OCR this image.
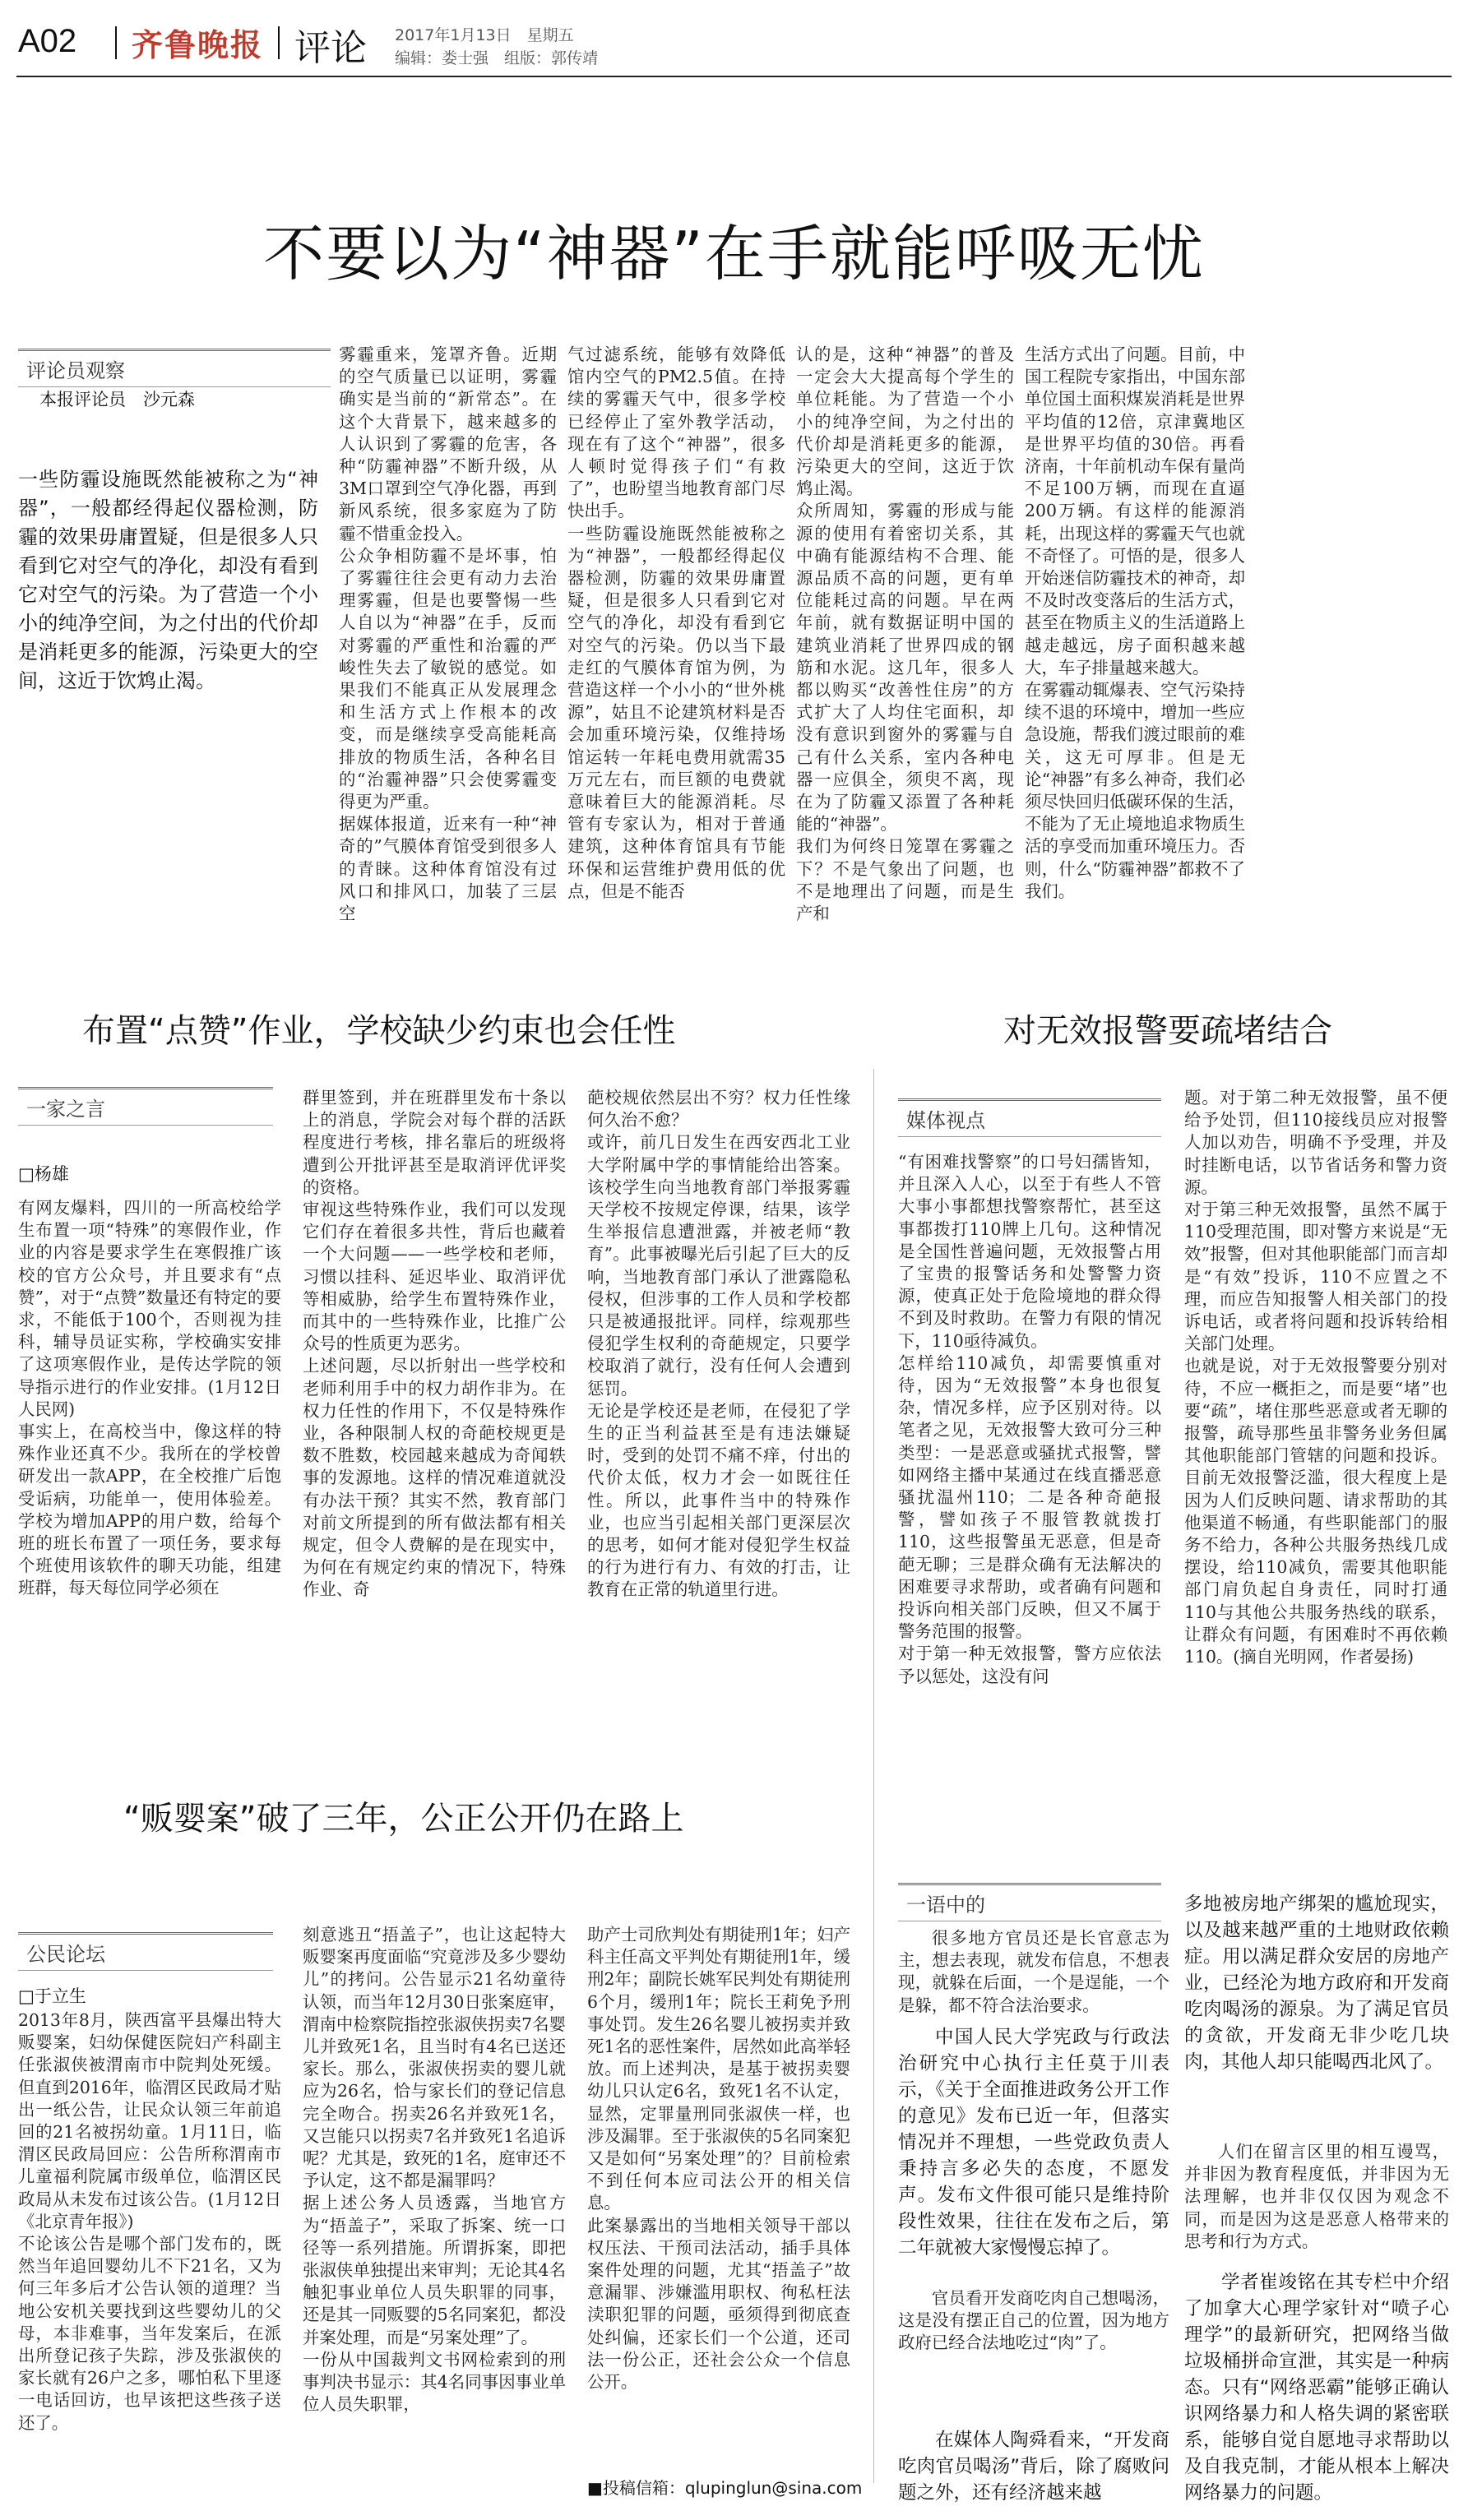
A02 齐鲁晚报 评论 2017年1月13日　星期五
编辑：娄士强　组版：郭传靖
不要以为“神器”在手就能呼吸无忧
评论员观察
本报评论员　沙元森
一些防霾设施既然能被称之为“神器”，一般都经得起仪器检测，防霾的效果毋庸置疑，但是很多人只看到它对空气的净化，却没有看到它对空气的污染。为了营造一个小小的纯净空间，为之付出的代价却是消耗更多的能源，污染更大的空间，这近于饮鸩止渴。
雾霾重来，笼罩齐鲁。近期的空气质量已以证明，雾霾确实是当前的“新常态”。在这个大背景下，越来越多的人认识到了雾霾的危害，各种“防霾神器”不断升级，从3M口罩到空气净化器，再到新风系统，很多家庭为了防霾不惜重金投入。
公众争相防霾不是坏事，怕了雾霾往往会更有动力去治理雾霾，但是也要警惕一些人自以为“神器”在手，反而对雾霾的严重性和治霾的严峻性失去了敏锐的感觉。如果我们不能真正从发展理念和生活方式上作根本的改变，而是继续享受高能耗高排放的物质生活，各种名目的“治霾神器”只会使雾霾变得更为严重。
据媒体报道，近来有一种“神奇的”气膜体育馆受到很多人的青睐。这种体育馆没有过风口和排风口，加装了三层空
气过滤系统，能够有效降低馆内空气的PM2.5值。在持续的雾霾天气中，很多学校已经停止了室外教学活动，现在有了这个“神器”，很多人顿时觉得孩子们“有救了”，也盼望当地教育部门尽快出手。
一些防霾设施既然能被称之为“神器”，一般都经得起仪器检测，防霾的效果毋庸置疑，但是很多人只看到它对空气的净化，却没有看到它对空气的污染。仍以当下最走红的气膜体育馆为例，为营造这样一个小小的“世外桃源”，姑且不论建筑材料是否会加重环境污染，仅维持场馆运转一年耗电费用就需35万元左右，而巨额的电费就意味着巨大的能源消耗。尽管有专家认为，相对于普通建筑，这种体育馆具有节能环保和运营维护费用低的优点，但是不能否
认的是，这种“神器”的普及一定会大大提高每个学生的单位耗能。为了营造一个小小的纯净空间，为之付出的代价却是消耗更多的能源，污染更大的空间，这近于饮鸩止渴。
众所周知，雾霾的形成与能源的使用有着密切关系，其中确有能源结构不合理、能源品质不高的问题，更有单位能耗过高的问题。早在两年前，就有数据证明中国的建筑业消耗了世界四成的钢筋和水泥。这几年，很多人都以购买“改善性住房”的方式扩大了人均住宅面积，却没有意识到窗外的雾霾与自己有什么关系，室内各种电器一应俱全，须臾不离，现在为了防霾又添置了各种耗能的“神器”。
我们为何终日笼罩在雾霾之下？不是气象出了问题，也不是地理出了问题，而是生产和
生活方式出了问题。目前，中国工程院专家指出，中国东部单位国土面积煤炭消耗是世界平均值的12倍，京津冀地区是世界平均值的30倍。再看济南，十年前机动车保有量尚不足100万辆，而现在直逼200万辆。有这样的能源消耗，出现这样的雾霾天气也就不奇怪了。可悟的是，很多人开始迷信防霾技术的神奇，却不及时改变落后的生活方式，甚至在物质主义的生活道路上越走越远，房子面积越来越大，车子排量越来越大。
在雾霾动辄爆表、空气污染持续不退的环境中，增加一些应急设施，帮我们渡过眼前的难关，这无可厚非。但是无论“神器”有多么神奇，我们必须尽快回归低碳环保的生活，不能为了无止境地追求物质生活的享受而加重环境压力。否则，什么“防霾神器”都救不了我们。
布置“点赞”作业，学校缺少约束也会任性
一家之言
□杨雄
有网友爆料，四川的一所高校给学生布置一项“特殊”的寒假作业，作业的内容是要求学生在寒假推广该校的官方公众号，并且要求有“点赞”，对于“点赞”数量还有特定的要求，不能低于100个，否则视为挂科，辅导员证实称，学校确实安排了这项寒假作业，是传达学院的领导指示进行的作业安排。(1月12日人民网)
事实上，在高校当中，像这样的特殊作业还真不少。我所在的学校曾研发出一款APP，在全校推广后饱受诟病，功能单一，使用体验差。学校为增加APP的用户数，给每个班的班长布置了一项任务，要求每个班使用该软件的聊天功能，组建班群，每天每位同学必须在
群里签到，并在班群里发布十条以上的消息，学院会对每个群的活跃程度进行考核，排名靠后的班级将遭到公开批评甚至是取消评优评奖的资格。
审视这些特殊作业，我们可以发现它们存在着很多共性，背后也藏着一个大问题——一些学校和老师，习惯以挂科、延迟毕业、取消评优等相威胁，给学生布置特殊作业，而其中的一些特殊作业，比推广公众号的性质更为恶劣。
上述问题，尽以折射出一些学校和老师利用手中的权力胡作非为。在权力任性的作用下，不仅是特殊作业，各种限制人权的奇葩校规更是数不胜数，校园越来越成为奇闻轶事的发源地。这样的情况难道就没有办法干预？其实不然，教育部门对前文所提到的所有做法都有相关规定，但令人费解的是在现实中，为何在有规定约束的情况下，特殊作业、奇
葩校规依然层出不穷？权力任性缘何久治不愈？
或许，前几日发生在西安西北工业大学附属中学的事情能给出答案。该校学生向当地教育部门举报雾霾天学校不按规定停课，结果，该学生举报信息遭泄露，并被老师“教育”。此事被曝光后引起了巨大的反响，当地教育部门承认了泄露隐私侵权，但涉事的工作人员和学校都只是被通报批评。同样，综观那些侵犯学生权利的奇葩规定，只要学校取消了就行，没有任何人会遭到惩罚。
无论是学校还是老师，在侵犯了学生的正当利益甚至是有违法嫌疑时，受到的处罚不痛不痒，付出的代价太低，权力才会一如既往任性。所以，此事件当中的特殊作业，也应当引起相关部门更深层次的思考，如何才能对侵犯学生权益的行为进行有力、有效的打击，让教育在正常的轨道里行进。
对无效报警要疏堵结合
媒体视点
“有困难找警察”的口号妇孺皆知，并且深入人心，以至于有些人不管大事小事都想找警察帮忙，甚至这事都拨打110牌上几句。这种情况是全国性普遍问题，无效报警占用了宝贵的报警话务和处警警力资源，使真正处于危险境地的群众得不到及时救助。在警力有限的情况下，110亟待减负。
怎样给110减负，却需要慎重对待，因为“无效报警”本身也很复杂，情况多样，应予区别对待。以笔者之见，无效报警大致可分三种类型：一是恶意或骚扰式报警，譬如网络主播中某通过在线直播恶意骚扰温州110；二是各种奇葩报警，譬如孩子不服管教就拨打110，这些报警虽无恶意，但是奇葩无聊；三是群众确有无法解决的困难要寻求帮助，或者确有问题和投诉向相关部门反映，但又不属于警务范围的报警。
对于第一种无效报警，警方应依法予以惩处，这没有问
题。对于第二种无效报警，虽不便给予处罚，但110接线员应对报警人加以劝告，明确不予受理，并及时挂断电话，以节省话务和警力资源。
对于第三种无效报警，虽然不属于110受理范围，即对警方来说是“无效”报警，但对其他职能部门而言却是“有效”投诉，110不应置之不理，而应告知报警人相关部门的投诉电话，或者将问题和投诉转给相关部门处理。
也就是说，对于无效报警要分别对待，不应一概拒之，而是要“堵”也要“疏”，堵住那些恶意或者无聊的报警，疏导那些虽非警务业务但属其他职能部门管辖的问题和投诉。目前无效报警泛滥，很大程度上是因为人们反映问题、请求帮助的其他渠道不畅通，有些职能部门的服务不给力，各种公共服务热线几成摆设，给110减负，需要其他职能部门肩负起自身责任，同时打通110与其他公共服务热线的联系，让群众有问题，有困难时不再依赖110。(摘自光明网，作者晏扬)
“贩婴案”破了三年，公正公开仍在路上
公民论坛
□于立生
2013年8月，陕西富平县爆出特大贩婴案，妇幼保健医院妇产科副主任张淑侠被渭南市中院判处死缓。但直到2016年，临渭区民政局才贴出一纸公告，让民众认领三年前追回的21名被拐幼童。1月11日，临渭区民政局回应：公告所称渭南市儿童福利院属市级单位，临渭区民政局从未发布过该公告。(1月12日《北京青年报》)
不论该公告是哪个部门发布的，既然当年追回婴幼儿不下21名，又为何三年多后才公告认领的道理？当地公安机关要找到这些婴幼儿的父母，本非难事，当年发案后，在派出所登记孩子失踪，涉及张淑侠的家长就有26户之多，哪怕私下里逐一电话回访，也早该把这些孩子送还了。
刻意逃丑“捂盖子”，也让这起特大贩婴案再度面临“究竟涉及多少婴幼儿”的拷问。公告显示21名幼童待认领，而当年12月30日张案庭审，渭南中检察院指控张淑侠拐卖7名婴儿并致死1名，且当时有4名已送还家长。那么，张淑侠拐卖的婴儿就应为26名，恰与家长们的登记信息完全吻合。拐卖26名并致死1名，又岂能只以拐卖7名并致死1名追诉呢？尤其是，致死的1名，庭审还不予认定，这不都是漏罪吗？
据上述公务人员透露，当地官方为“捂盖子”，采取了拆案、统一口径等一系列措施。所谓拆案，即把张淑侠单独提出来审判；无论其4名触犯事业单位人员失职罪的同事，还是其一同贩婴的5名同案犯，都没并案处理，而是“另案处理”了。
一份从中国裁判文书网检索到的刑事判决书显示：其4名同事因事业单位人员失职罪，
助产士司欣判处有期徒刑1年；妇产科主任高文平判处有期徒刑1年，缓刑2年；副院长姚军民判处有期徒刑6个月，缓刑1年；院长王莉免予刑事处罚。发生26名婴儿被拐卖并致死1名的恶性案件，居然如此高举轻放。而上述判决，是基于被拐卖婴幼儿只认定6名，致死1名不认定，显然，定罪量刑同张淑侠一样，也涉及漏罪。至于张淑侠的5名同案犯又是如何“另案处理”的？目前检索不到任何本应司法公开的相关信息。
此案暴露出的当地相关领导干部以权压法、干预司法活动，插手具体案件处理的问题，尤其“捂盖子”故意漏罪、涉嫌滥用职权、徇私枉法渎职犯罪的问题，亟须得到彻底查处纠偏，还家长们一个公道，还司法一份公正，还社会公众一个信息公开。
■投稿信箱：qlupinglun@sina.com
一语中的

很多地方官员还是长官意志为主，想去表现，就发布信息，不想表现，就躲在后面，一个是逞能，一个是躲，都不符合法治要求。

中国人民大学宪政与行政法治研究中心执行主任莫于川表示，《关于全面推进政务公开工作的意见》发布已近一年，但落实情况并不理想，一些党政负责人秉持言多必失的态度，不愿发声。发布文件很可能只是维持阶段性效果，往往在发布之后，第二年就被大家慢慢忘掉了。

官员看开发商吃肉自己想喝汤，这是没有摆正自己的位置，因为地方政府已经合法地吃过“肉”了。

在媒体人陶舜看来，“开发商吃肉官员喝汤”背后，除了腐败问题之外，还有经济越来越

多地被房地产绑架的尴尬现实，以及越来越严重的土地财政依赖症。用以满足群众安居的房地产业，已经沦为地方政府和开发商吃肉喝汤的源泉。为了满足官员的贪欲，开发商无非少吃几块肉，其他人却只能喝西北风了。

人们在留言区里的相互谩骂，并非因为教育程度低，并非因为无法理解，也并非仅仅因为观念不同，而是因为这是恶意人格带来的思考和行为方式。

学者崔竣铭在其专栏中介绍了加拿大心理学家针对“喷子心理学”的最新研究，把网络当做垃圾桶拼命宣泄，其实是一种病态。只有“网络恶霸”能够正确认识网络暴力和人格失调的紧密联系，能够自觉自愿地寻求帮助以及自我克制，才能从根本上解决网络暴力的问题。
